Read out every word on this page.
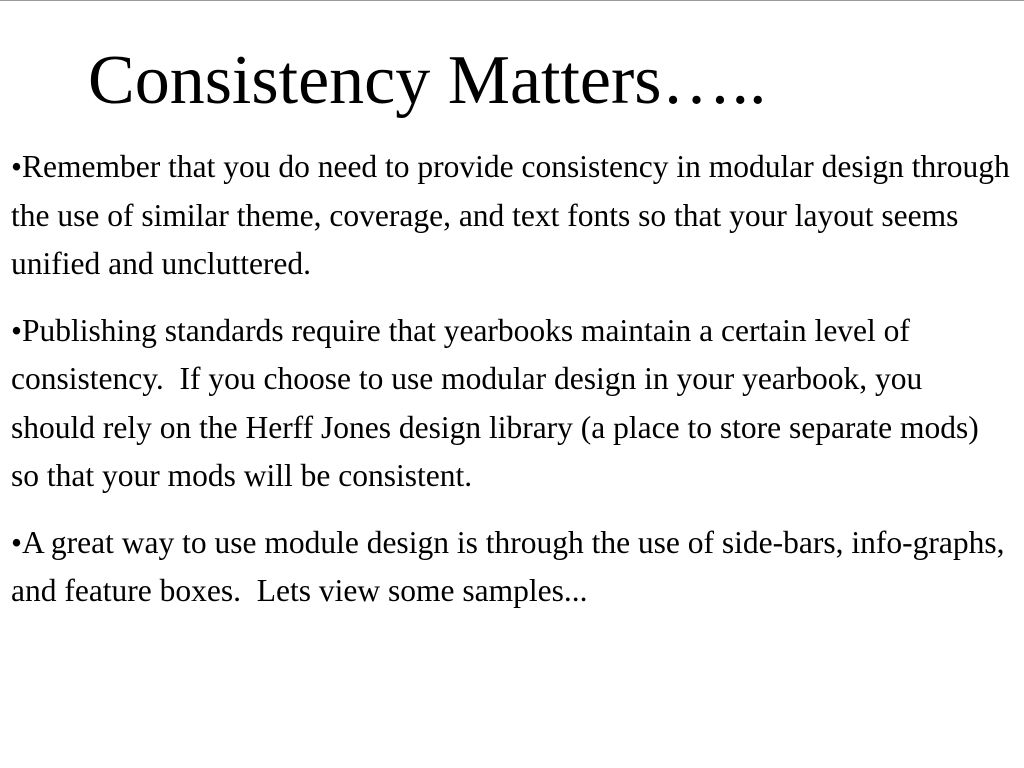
Consistency Matters…..
•Remember that you do need to provide consistency in modular design through the use of similar theme, coverage, and text fonts so that your layout seems unified and uncluttered.
•Publishing standards require that yearbooks maintain a certain level of consistency.  If you choose to use modular design in your yearbook, you should rely on the Herff Jones design library (a place to store separate mods) so that your mods will be consistent.
•A great way to use module design is through the use of side-bars, info-graphs, and feature boxes.  Lets view some samples...
